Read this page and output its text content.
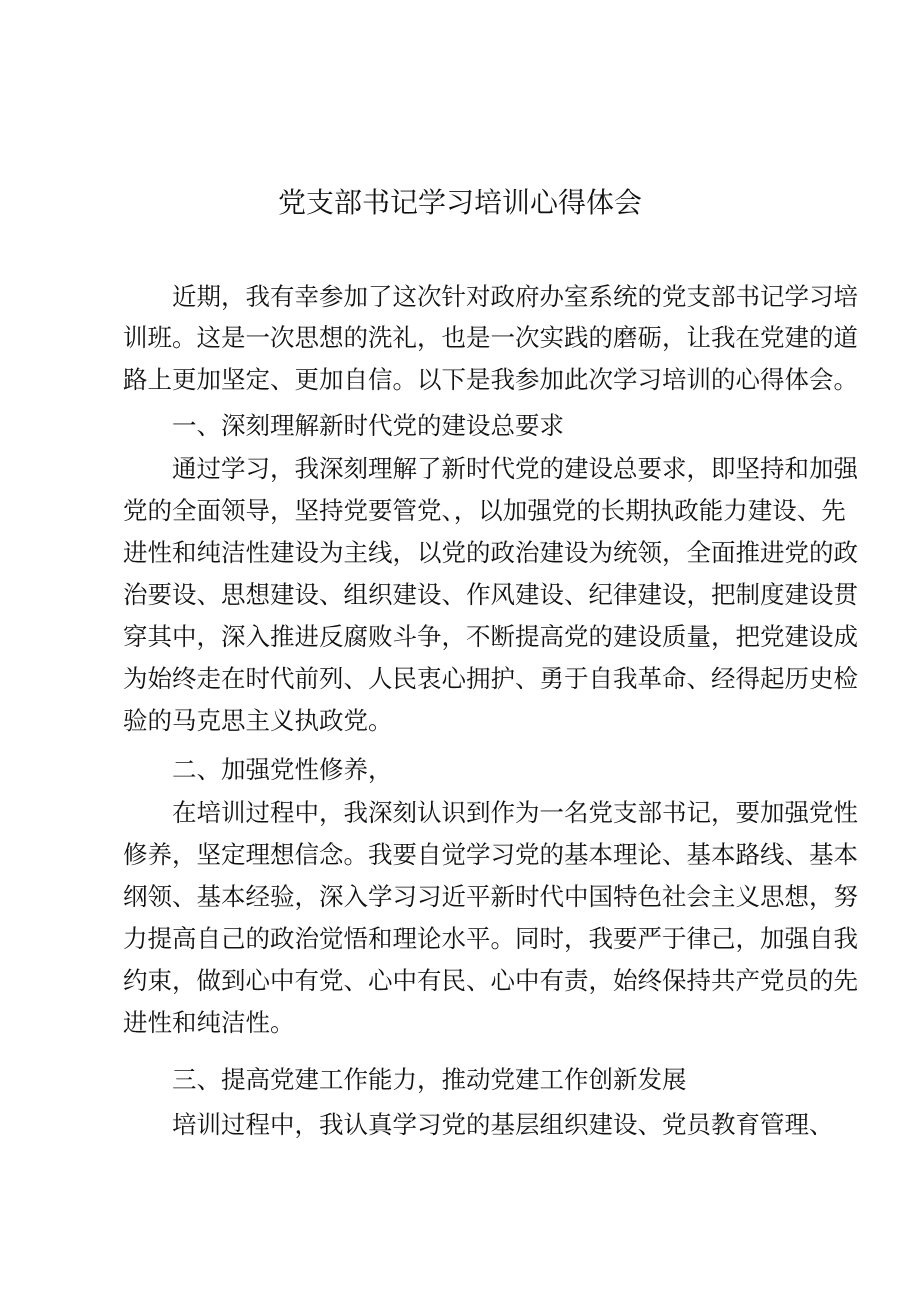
党支部书记学习培训心得体会
近期，我有幸参加了这次针对政府办室系统的党支部书记学习培
训班。这是一次思想的洗礼，也是一次实践的磨砺，让我在党建的道
路上更加坚定、更加自信。以下是我参加此次学习培训的心得体会。
一、深刻理解新时代党的建设总要求
通过学习，我深刻理解了新时代党的建设总要求，即坚持和加强
党的全面领导，坚持党要管党、，以加强党的长期执政能力建设、先
进性和纯洁性建设为主线，以党的政治建设为统领，全面推进党的政
治要设、思想建设、组织建设、作风建设、纪律建设，把制度建设贯
穿其中，深入推进反腐败斗争，不断提高党的建设质量，把党建设成
为始终走在时代前列、人民衷心拥护、勇于自我革命、经得起历史检
验的马克思主义执政党。
二、加强党性修养，
在培训过程中，我深刻认识到作为一名党支部书记，要加强党性
修养，坚定理想信念。我要自觉学习党的基本理论、基本路线、基本
纲领、基本经验，深入学习习近平新时代中国特色社会主义思想，努
力提高自己的政治觉悟和理论水平。同时，我要严于律己，加强自我
约束，做到心中有党、心中有民、心中有责，始终保持共产党员的先
进性和纯洁性。
三、提高党建工作能力，推动党建工作创新发展
培训过程中，我认真学习党的基层组织建设、党员教育管理、
